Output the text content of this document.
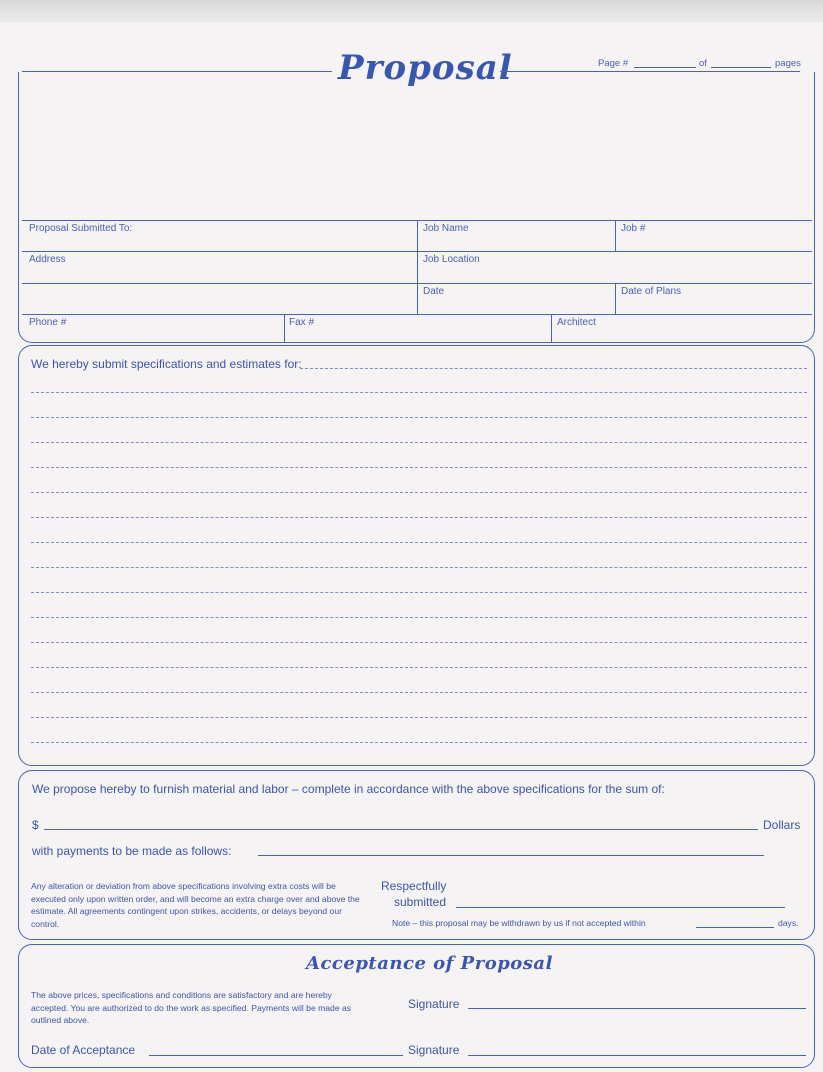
Proposal	Page #	of	pages
Proposal Submitted To:	Job Name	Job #
Address	Job Location
Date	Date of Plans
Phone #	Fax #	Architect
We hereby submit specifications and estimates for:
We propose hereby to furnish material and labor – complete in accordance with the above specifications for the sum of:
$	Dollars
with payments to be made as follows:
Any alteration or deviation from above specifications involving extra costs will be executed only upon written order, and will become an extra charge over and above the estimate. All agreements contingent upon strikes, accidents, or delays beyond our control.
Respectfully
submitted
Note – this proposal may be withdrawn by us if not accepted within	days.
Acceptance of Proposal
The above prices, specifications and conditions are satisfactory and are hereby accepted. You are authorized to do the work as specified. Payments will be made as outlined above.
Signature
Date of Acceptance	Signature
